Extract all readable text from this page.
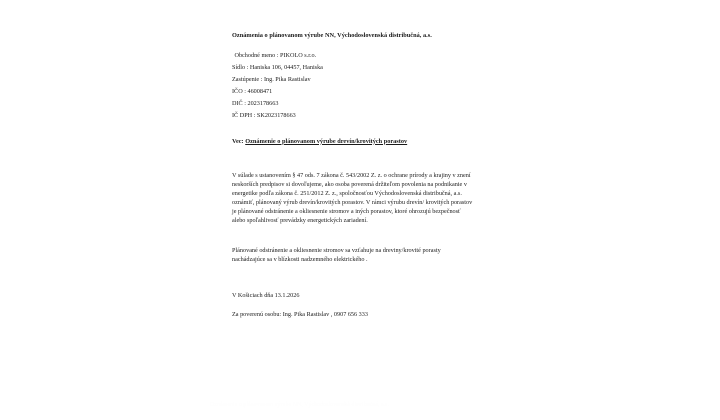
Oznámenia o plánovanom výrube NN, Východoslovenská distribučná, a.s.

Obchodné meno : PIKOLO s.r.o.

Sídlo : Haniska 106, 04457, Haniska

Zastúpenie : Ing. Pika Rastislav

IČO : 46008471

DIČ : 2023178663

IČ DPH : SK2023178663

Vec: Oznámenie o plánovanom výrube drevín/krovitých porastov

V súlade s ustanovením § 47 ods. 7 zákona č. 543/2002 Z. z. o ochrane prírody a krajiny v znení neskorších predpisov si dovoľujeme, ako osoba poverená držiteľom povolenia na podnikanie v energetike podľa zákona č. 251/2012 Z. z., spoločnosťou Východoslovenská distribučná, a.s. oznámiť, plánovaný výrub drevín/krovitých porastov. V rámci výrubu drevín/ krovitých porastov je plánované odstránenie a okliesnenie stromov a iných porastov, ktoré ohrozujú bezpečnosť alebo spoľahlivosť prevádzky energetických zariadení.

Plánované odstránenie a okliesnenie stromov sa vzťahuje na dreviny/krovité porasty nachádzajúce sa v blízkosti nadzemného elektrického .

V Košiciach dňa 13.1.2026

Za poverenú osobu: Ing. Pika Rastislav , 0907 656 333

Oznámenia o plánovanom výrube NN, Východoslovenská distribučná, a.s.
